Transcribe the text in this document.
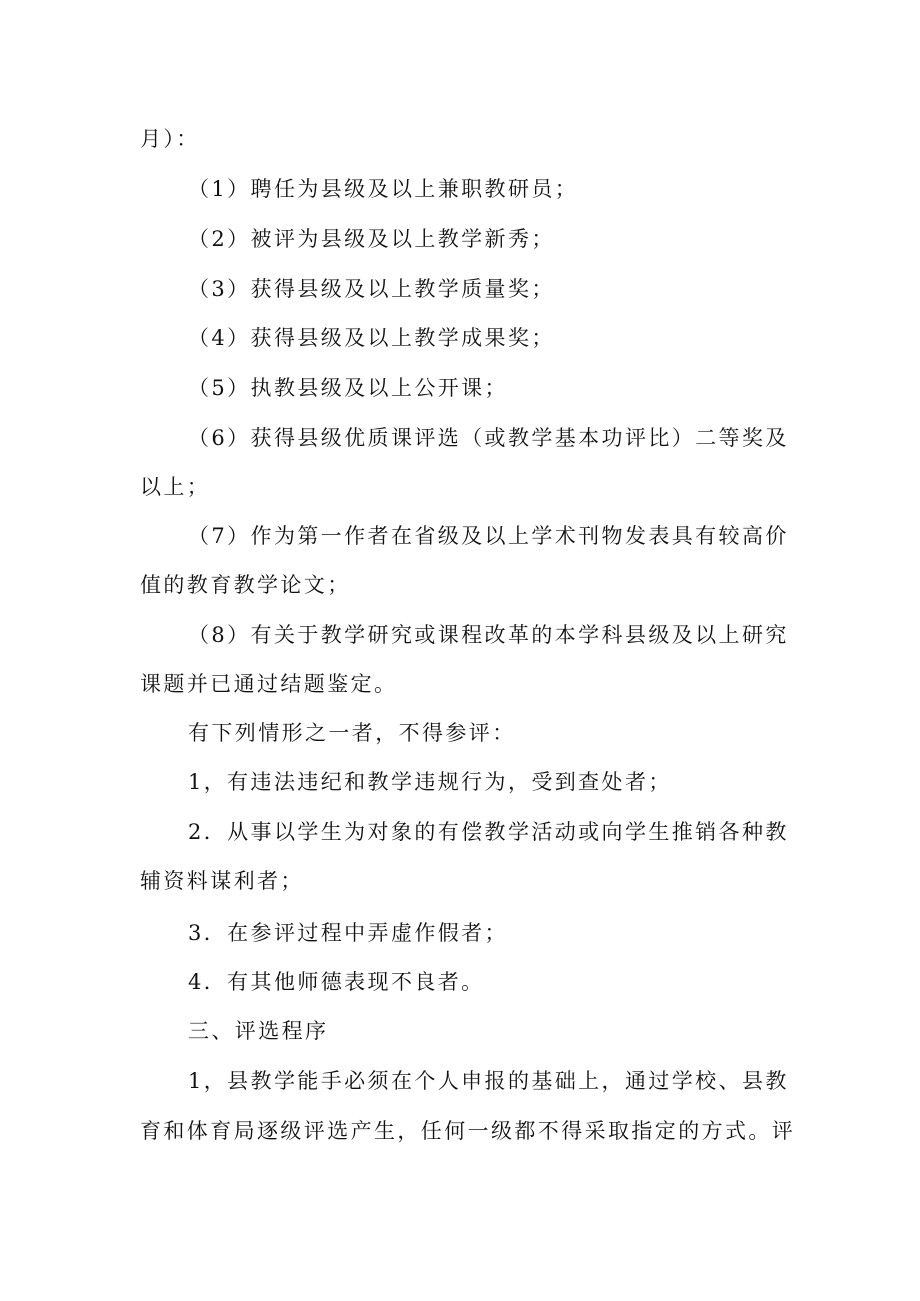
月）：
（1）聘任为县级及以上兼职教研员；
（2）被评为县级及以上教学新秀；
（3）获得县级及以上教学质量奖；
（4）获得县级及以上教学成果奖；
（5）执教县级及以上公开课；
（6）获得县级优质课评选（或教学基本功评比）二等奖及
以上；
（7）作为第一作者在省级及以上学术刊物发表具有较高价
值的教育教学论文；
（8）有关于教学研究或课程改革的本学科县级及以上研究
课题并已通过结题鉴定。
有下列情形之一者，不得参评：
1，有违法违纪和教学违规行为，受到查处者；
2．从事以学生为对象的有偿教学活动或向学生推销各种教
辅资料谋利者；
3．在参评过程中弄虚作假者；
4．有其他师德表现不良者。
三、评选程序
1，县教学能手必须在个人申报的基础上，通过学校、县教
育和体育局逐级评选产生，任何一级都不得采取指定的方式。评
